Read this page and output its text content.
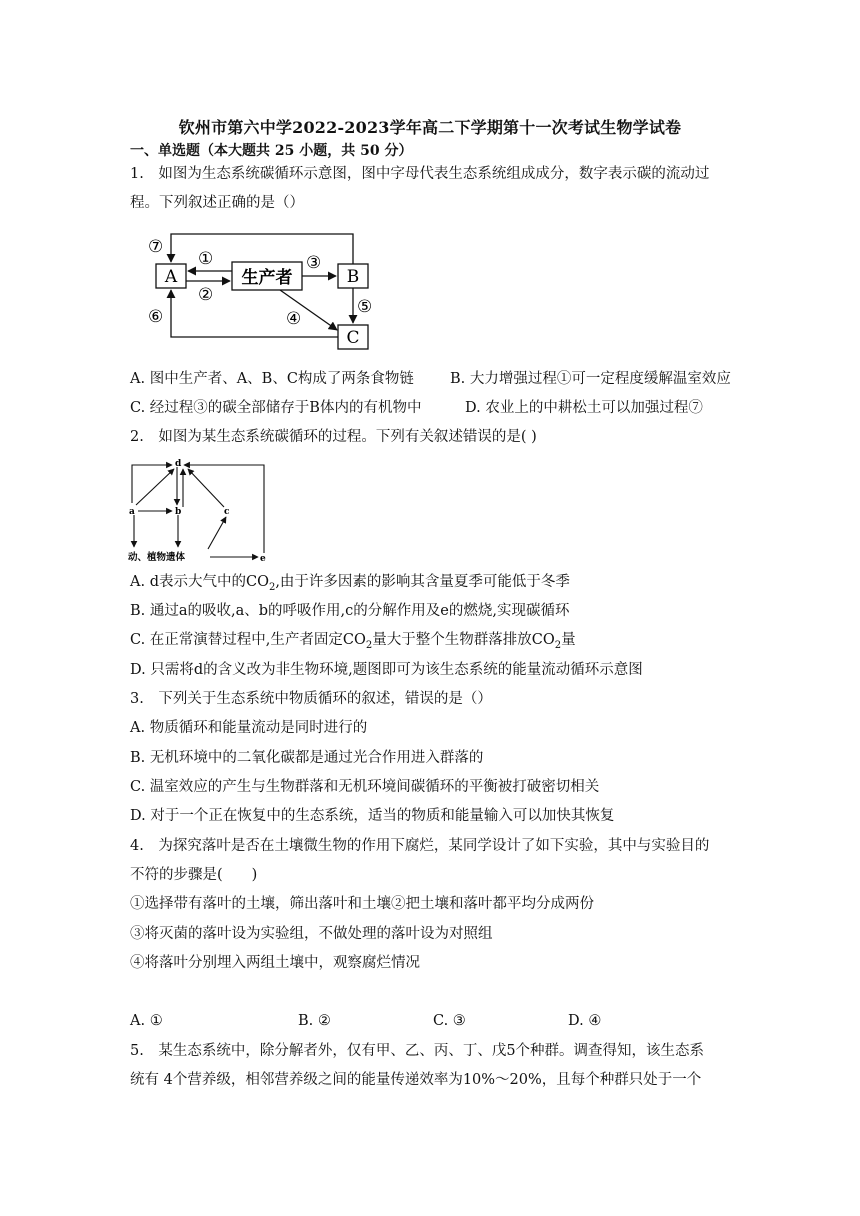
钦州市第六中学2022-2023学年高二下学期第十一次考试生物学试卷
一、单选题（本大题共 25 小题，共 50 分）
1.　如图为生态系统碳循环示意图，图中字母代表生态系统组成成分，数字表示碳的流动过
程。下列叙述正确的是（）
A	生产者	B
C
⑦
①
②
③
④
⑤
⑥
A. 图中生产者、A、B、C构成了两条食物链 B. 大力增强过程①可一定程度缓解温室效应
C. 经过程③的碳全部储存于B体内的有机物中	D. 农业上的中耕松土可以加强过程⑦
2.　如图为某生态系统碳循环的过程。下列有关叙述错误的是( )
d
a	b	c
动、植物遗体	e
A. d表示大气中的$CO_2$,由于许多因素的影响其含量夏季可能低于冬季
B. 通过a的吸收,a、b的呼吸作用,c的分解作用及e的燃烧,实现碳循环
C. 在正常演替过程中,生产者固定$CO_2$量大于整个生物群落排放$CO_2$量
D. 只需将d的含义改为非生物环境,题图即可为该生态系统的能量流动循环示意图
3.　下列关于生态系统中物质循环的叙述，错误的是（）
A. 物质循环和能量流动是同时进行的
B. 无机环境中的二氧化碳都是通过光合作用进入群落的
C. 温室效应的产生与生物群落和无机环境间碳循环的平衡被打破密切相关
D. 对于一个正在恢复中的生态系统，适当的物质和能量输入可以加快其恢复
4.　为探究落叶是否在土壤微生物的作用下腐烂，某同学设计了如下实验，其中与实验目的
不符的步骤是(　　)
①选择带有落叶的土壤，筛出落叶和土壤②把土壤和落叶都平均分成两份
③将灭菌的落叶设为实验组，不做处理的落叶设为对照组
④将落叶分别埋入两组土壤中，观察腐烂情况
A. ①	B. ②	C. ③	D. ④
5.　某生态系统中，除分解者外，仅有甲、乙、丙、丁、戊5个种群。调查得知，该生态系
统有 4个营养级，相邻营养级之间的能量传递效率为10%～20%，且每个种群只处于一个
